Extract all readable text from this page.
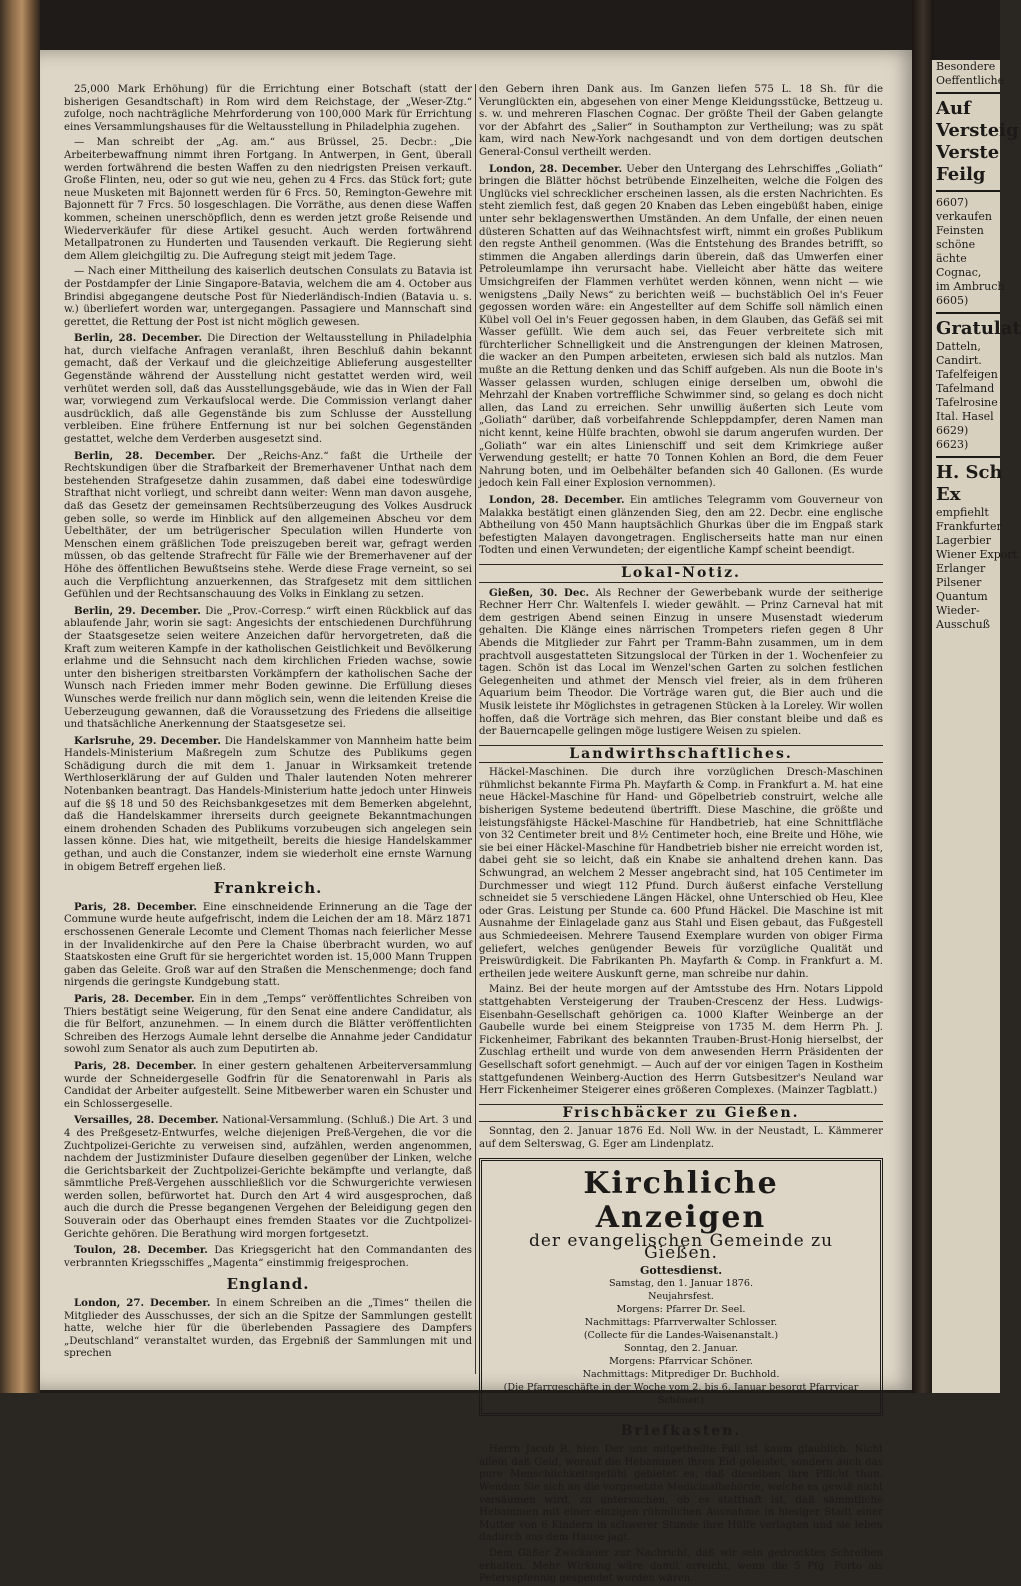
25,000 Mark Erhöhung) für die Errichtung einer Botschaft (statt der bisherigen Gesandtschaft) in Rom wird dem Reichstage, der „Weser-Ztg.“ zufolge, noch nachträgliche Mehrforderung von 100,000 Mark für Errichtung eines Versammlungshauses für die Weltausstellung in Philadelphia zugehen.

— Man schreibt der „Ag. am.“ aus Brüssel, 25. Decbr.: „Die Arbeiterbewaffnung nimmt ihren Fortgang. In Antwerpen, in Gent, überall werden fortwährend die besten Waffen zu den niedrigsten Preisen verkauft. Große Flinten, neu, oder so gut wie neu, gehen zu 4 Frcs. das Stück fort; gute neue Musketen mit Bajonnett werden für 6 Frcs. 50, Remington-Gewehre mit Bajonnett für 7 Frcs. 50 losgeschlagen. Die Vorräthe, aus denen diese Waffen kommen, scheinen unerschöpflich, denn es werden jetzt große Reisende und Wiederverkäufer für diese Artikel gesucht. Auch werden fortwährend Metallpatronen zu Hunderten und Tausenden verkauft. Die Regierung sieht dem Allem gleichgiltig zu. Die Aufregung steigt mit jedem Tage.

— Nach einer Mittheilung des kaiserlich deutschen Consulats zu Batavia ist der Postdampfer der Linie Singapore-Batavia, welchem die am 4. October aus Brindisi abgegangene deutsche Post für Niederländisch-Indien (Batavia u. s. w.) überliefert worden war, untergegangen. Passagiere und Mannschaft sind gerettet, die Rettung der Post ist nicht möglich gewesen.

Berlin, 28. December. Die Direction der Weltausstellung in Philadelphia hat, durch vielfache Anfragen veranlaßt, ihren Beschluß dahin bekannt gemacht, daß der Verkauf und die gleichzeitige Ablieferung ausgestellter Gegenstände während der Ausstellung nicht gestattet werden wird, weil verhütet werden soll, daß das Ausstellungsgebäude, wie das in Wien der Fall war, vorwiegend zum Verkaufslocal werde. Die Commission verlangt daher ausdrücklich, daß alle Gegenstände bis zum Schlusse der Ausstellung verbleiben. Eine frühere Entfernung ist nur bei solchen Gegenständen gestattet, welche dem Verderben ausgesetzt sind.

Berlin, 28. December. Der „Reichs-Anz.“ faßt die Urtheile der Rechtskundigen über die Strafbarkeit der Bremerhavener Unthat nach dem bestehenden Strafgesetze dahin zusammen, daß dabei eine todeswürdige Strafthat nicht vorliegt, und schreibt dann weiter: Wenn man davon ausgehe, daß das Gesetz der gemeinsamen Rechtsüberzeugung des Volkes Ausdruck geben solle, so werde im Hinblick auf den allgemeinen Abscheu vor dem Uebelthäter, der um betrügerischer Speculation willen Hunderte von Menschen einem gräßlichen Tode preiszugeben bereit war, gefragt werden müssen, ob das geltende Strafrecht für Fälle wie der Bremerhavener auf der Höhe des öffentlichen Bewußtseins stehe. Werde diese Frage verneint, so sei auch die Verpflichtung anzuerkennen, das Strafgesetz mit dem sittlichen Gefühlen und der Rechtsanschauung des Volks in Einklang zu setzen.

Berlin, 29. December. Die „Prov.-Corresp.“ wirft einen Rückblick auf das ablaufende Jahr, worin sie sagt: Angesichts der entschiedenen Durchführung der Staatsgesetze seien weitere Anzeichen dafür hervorgetreten, daß die Kraft zum weiteren Kampfe in der katholischen Geistlichkeit und Bevölkerung erlahme und die Sehnsucht nach dem kirchlichen Frieden wachse, sowie unter den bisherigen streitbarsten Vorkämpfern der katholischen Sache der Wunsch nach Frieden immer mehr Boden gewinne. Die Erfüllung dieses Wunsches werde freilich nur dann möglich sein, wenn die leitenden Kreise die Ueberzeugung gewannen, daß die Voraussetzung des Friedens die allseitige und thatsächliche Anerkennung der Staatsgesetze sei.

Karlsruhe, 29. December. Die Handelskammer von Mannheim hatte beim Handels-Ministerium Maßregeln zum Schutze des Publikums gegen Schädigung durch die mit dem 1. Januar in Wirksamkeit tretende Werthloserklärung der auf Gulden und Thaler lautenden Noten mehrerer Notenbanken beantragt. Das Handels-Ministerium hatte jedoch unter Hinweis auf die §§ 18 und 50 des Reichsbankgesetzes mit dem Bemerken abgelehnt, daß die Handelskammer ihrerseits durch geeignete Bekanntmachungen einem drohenden Schaden des Publikums vorzubeugen sich angelegen sein lassen könne. Dies hat, wie mitgetheilt, bereits die hiesige Handelskammer gethan, und auch die Constanzer, indem sie wiederholt eine ernste Warnung in obigem Betreff ergehen ließ.

Frankreich.

Paris, 28. December. Eine einschneidende Erinnerung an die Tage der Commune wurde heute aufgefrischt, indem die Leichen der am 18. März 1871 erschossenen Generale Lecomte und Clement Thomas nach feierlicher Messe in der Invalidenkirche auf den Pere la Chaise überbracht wurden, wo auf Staatskosten eine Gruft für sie hergerichtet worden ist. 15,000 Mann Truppen gaben das Geleite. Groß war auf den Straßen die Menschenmenge; doch fand nirgends die geringste Kundgebung statt.

Paris, 28. December. Ein in dem „Temps“ veröffentlichtes Schreiben von Thiers bestätigt seine Weigerung, für den Senat eine andere Candidatur, als die für Belfort, anzunehmen. — In einem durch die Blätter veröffentlichten Schreiben des Herzogs Aumale lehnt derselbe die Annahme jeder Candidatur sowohl zum Senator als auch zum Deputirten ab.

Paris, 28. December. In einer gestern gehaltenen Arbeiterversammlung wurde der Schneidergeselle Godfrin für die Senatorenwahl in Paris als Candidat der Arbeiter aufgestellt. Seine Mitbewerber waren ein Schuster und ein Schlossergeselle.

Versailles, 28. December. National-Versammlung. (Schluß.) Die Art. 3 und 4 des Preßgesetz-Entwurfes, welche diejenigen Preß-Vergehen, die vor die Zuchtpolizei-Gerichte zu verweisen sind, aufzählen, werden angenommen, nachdem der Justizminister Dufaure dieselben gegenüber der Linken, welche die Gerichtsbarkeit der Zuchtpolizei-Gerichte bekämpfte und verlangte, daß sämmtliche Preß-Vergehen ausschließlich vor die Schwurgerichte verwiesen werden sollen, befürwortet hat. Durch den Art 4 wird ausgesprochen, daß auch die durch die Presse begangenen Vergehen der Beleidigung gegen den Souverain oder das Oberhaupt eines fremden Staates vor die Zuchtpolizei-Gerichte gehören. Die Berathung wird morgen fortgesetzt.

Toulon, 28. December. Das Kriegsgericht hat den Commandanten des verbrannten Kriegsschiffes „Magenta“ einstimmig freigesprochen.

England.

London, 27. December. In einem Schreiben an die „Times“ theilen die Mitglieder des Ausschusses, der sich an die Spitze der Sammlungen gestellt hatte, welche hier für die überlebenden Passagiere des Dampfers „Deutschland“ veranstaltet wurden, das Ergebniß der Sammlungen mit und sprechen

den Gebern ihren Dank aus. Im Ganzen liefen 575 L. 18 Sh. für die Verunglückten ein, abgesehen von einer Menge Kleidungsstücke, Bettzeug u. s. w. und mehreren Flaschen Cognac. Der größte Theil der Gaben gelangte vor der Abfahrt des „Salier“ in Southampton zur Vertheilung; was zu spät kam, wird nach New-York nachgesandt und von dem dortigen deutschen General-Consul vertheilt werden.

London, 28. December. Ueber den Untergang des Lehrschiffes „Goliath“ bringen die Blätter höchst betrübende Einzelheiten, welche die Folgen des Unglücks viel schrecklicher erscheinen lassen, als die ersten Nachrichten. Es steht ziemlich fest, daß gegen 20 Knaben das Leben eingebüßt haben, einige unter sehr beklagenswerthen Umständen. An dem Unfalle, der einen neuen düsteren Schatten auf das Weihnachtsfest wirft, nimmt ein großes Publikum den regste Antheil genommen. (Was die Entstehung des Brandes betrifft, so stimmen die Angaben allerdings darin überein, daß das Umwerfen einer Petroleumlampe ihn verursacht habe. Vielleicht aber hätte das weitere Umsichgreifen der Flammen verhütet werden können, wenn nicht — wie wenigstens „Daily News“ zu berichten weiß — buchstäblich Oel in's Feuer gegossen worden wäre: ein Angestellter auf dem Schiffe soll nämlich einen Kübel voll Oel in's Feuer gegossen haben, in dem Glauben, das Gefäß sei mit Wasser gefüllt. Wie dem auch sei, das Feuer verbreitete sich mit fürchterlicher Schnelligkeit und die Anstrengungen der kleinen Matrosen, die wacker an den Pumpen arbeiteten, erwiesen sich bald als nutzlos. Man mußte an die Rettung denken und das Schiff aufgeben. Als nun die Boote in's Wasser gelassen wurden, schlugen einige derselben um, obwohl die Mehrzahl der Knaben vortreffliche Schwimmer sind, so gelang es doch nicht allen, das Land zu erreichen. Sehr unwillig äußerten sich Leute vom „Goliath“ darüber, daß vorbeifahrende Schleppdampfer, deren Namen man nicht kennt, keine Hülfe brachten, obwohl sie darum angerufen wurden. Der „Goliath“ war ein altes Linienschiff und seit dem Krimkriege außer Verwendung gestellt; er hatte 70 Tonnen Kohlen an Bord, die dem Feuer Nahrung boten, und im Oelbehälter befanden sich 40 Gallonen. (Es wurde jedoch kein Fall einer Explosion vernommen).

London, 28. December. Ein amtliches Telegramm vom Gouverneur von Malakka bestätigt einen glänzenden Sieg, den am 22. Decbr. eine englische Abtheilung von 450 Mann hauptsächlich Ghurkas über die im Engpaß stark befestigten Malayen davongetragen. Englischerseits hatte man nur einen Todten und einen Verwundeten; der eigentliche Kampf scheint beendigt.

Lokal-Notiz.

Gießen, 30. Dec. Als Rechner der Gewerbebank wurde der seitherige Rechner Herr Chr. Waltenfels I. wieder gewählt. — Prinz Carneval hat mit dem gestrigen Abend seinen Einzug in unsere Musenstadt wiederum gehalten. Die Klänge eines närrischen Trompeters riefen gegen 8 Uhr Abends die Mitglieder zur Fahrt per Tramm-Bahn zusammen, um in dem prachtvoll ausgestatteten Sitzungslocal der Türken in der 1. Wochenfeier zu tagen. Schön ist das Local im Wenzel'schen Garten zu solchen festlichen Gelegenheiten und athmet der Mensch viel freier, als in dem früheren Aquarium beim Theodor. Die Vorträge waren gut, die Bier auch und die Musik leistete ihr Möglichstes in getragenen Stücken à la Loreley. Wir wollen hoffen, daß die Vorträge sich mehren, das Bier constant bleibe und daß es der Bauerncapelle gelingen möge lustigere Weisen zu spielen.

Landwirthschaftliches.

Häckel-Maschinen. Die durch ihre vorzüglichen Dresch-Maschinen rühmlichst bekannte Firma Ph. Mayfarth & Comp. in Frankfurt a. M. hat eine neue Häckel-Maschine für Hand- und Göpelbetrieb construirt, welche alle bisherigen Systeme bedeutend übertrifft. Diese Maschine, die größte und leistungsfähigste Häckel-Maschine für Handbetrieb, hat eine Schnittfläche von 32 Centimeter breit und 8½ Centimeter hoch, eine Breite und Höhe, wie sie bei einer Häckel-Maschine für Handbetrieb bisher nie erreicht worden ist, dabei geht sie so leicht, daß ein Knabe sie anhaltend drehen kann. Das Schwungrad, an welchem 2 Messer angebracht sind, hat 105 Centimeter im Durchmesser und wiegt 112 Pfund. Durch äußerst einfache Verstellung schneidet sie 5 verschiedene Längen Häckel, ohne Unterschied ob Heu, Klee oder Gras. Leistung per Stunde ca. 600 Pfund Häckel. Die Maschine ist mit Ausnahme der Einlagelade ganz aus Stahl und Eisen gebaut, das Fußgestell aus Schmiedeeisen. Mehrere Tausend Exemplare wurden von obiger Firma geliefert, welches genügender Beweis für vorzügliche Qualität und Preiswürdigkeit. Die Fabrikanten Ph. Mayfarth & Comp. in Frankfurt a. M. ertheilen jede weitere Auskunft gerne, man schreibe nur dahin.

Mainz. Bei der heute morgen auf der Amtsstube des Hrn. Notars Lippold stattgehabten Versteigerung der Trauben-Crescenz der Hess. Ludwigs-Eisenbahn-Gesellschaft gehörigen ca. 1000 Klafter Weinberge an der Gaubelle wurde bei einem Steigpreise von 1735 M. dem Herrn Ph. J. Fickenheimer, Fabrikant des bekannten Trauben-Brust-Honig hierselbst, der Zuschlag ertheilt und wurde von dem anwesenden Herrn Präsidenten der Gesellschaft sofort genehmigt. — Auch auf der vor einigen Tagen in Kostheim stattgefundenen Weinberg-Auction des Herrn Gutsbesitzer's Neuland war Herr Fickenheimer Steigerer eines größeren Complexes. (Mainzer Tagblatt.)

Frischbäcker zu Gießen.

Sonntag, den 2. Januar 1876 Ed. Noll Ww. in der Neustadt, L. Kämmerer auf dem Selterswag, G. Eger am Lindenplatz.

Kirchliche Anzeigen
der evangelischen Gemeinde zu Gießen.
Gottesdienst.
Samstag, den 1. Januar 1876.
Neujahrsfest.
Morgens: Pfarrer Dr. Seel.
Nachmittags: Pfarrverwalter Schlosser.
(Collecte für die Landes-Waisenanstalt.)
Sonntag, den 2. Januar.
Morgens: Pfarrvicar Schöner.
Nachmittags: Mitprediger Dr. Buchhold.
(Die Pfarrgeschäfte in der Woche vom 2. bis 6. Januar besorgt Pfarrvicar Schöner.)
Briefkasten.

Herrn Jacob R. hier. Der uns mitgetheilte Fall ist kaum glaublich. Nicht allein daß Geld, worauf die Hebammen ihren Eid geleistet, sondern auch das pure Menschlichkeitsgefühl gebietet es, daß dieselben ihre Pflicht thun. Wenden Sie sich an die vorgesetzte Medicinalbehörde, welche es gewiß nicht versäumen wird, zu untersuchen, ob es statthaft ist, daß sämmtliche Hebammen mit einer einzigen rühmlichen Ausnahme in hiesiger Stadt einer Mutter von 6 Kindern in schwerer Stunde ihre Hülfe verlagten und sie leben dadurch aus dem Hause jagt.

Dem Gäßer Zwickauer zur Nachricht, daß wir sein gedrucktes Schreiben erhalten. Mehr Wirkung wäre damit erreicht, wenn die 5 Pfg. Porto als Petersspfennig gespendet worden wären.

Besondere
Oeffentliche
Auf
Versteig
Verste
Feilg
6607)
verkaufen
Feinsten
schöne
ächte
Cognac,
im Ambruch
6605)
Gratulat
Datteln,
Candirt.
Tafelfeigen
Tafelmand
Tafelrosine
Ital. Hasel
6629)
6623)
H. Sch
Ex
empfiehlt
Frankfurter
Lagerbier
Wiener Export
Erlanger
Pilsener
Quantum
Wieder-
Ausschuß
